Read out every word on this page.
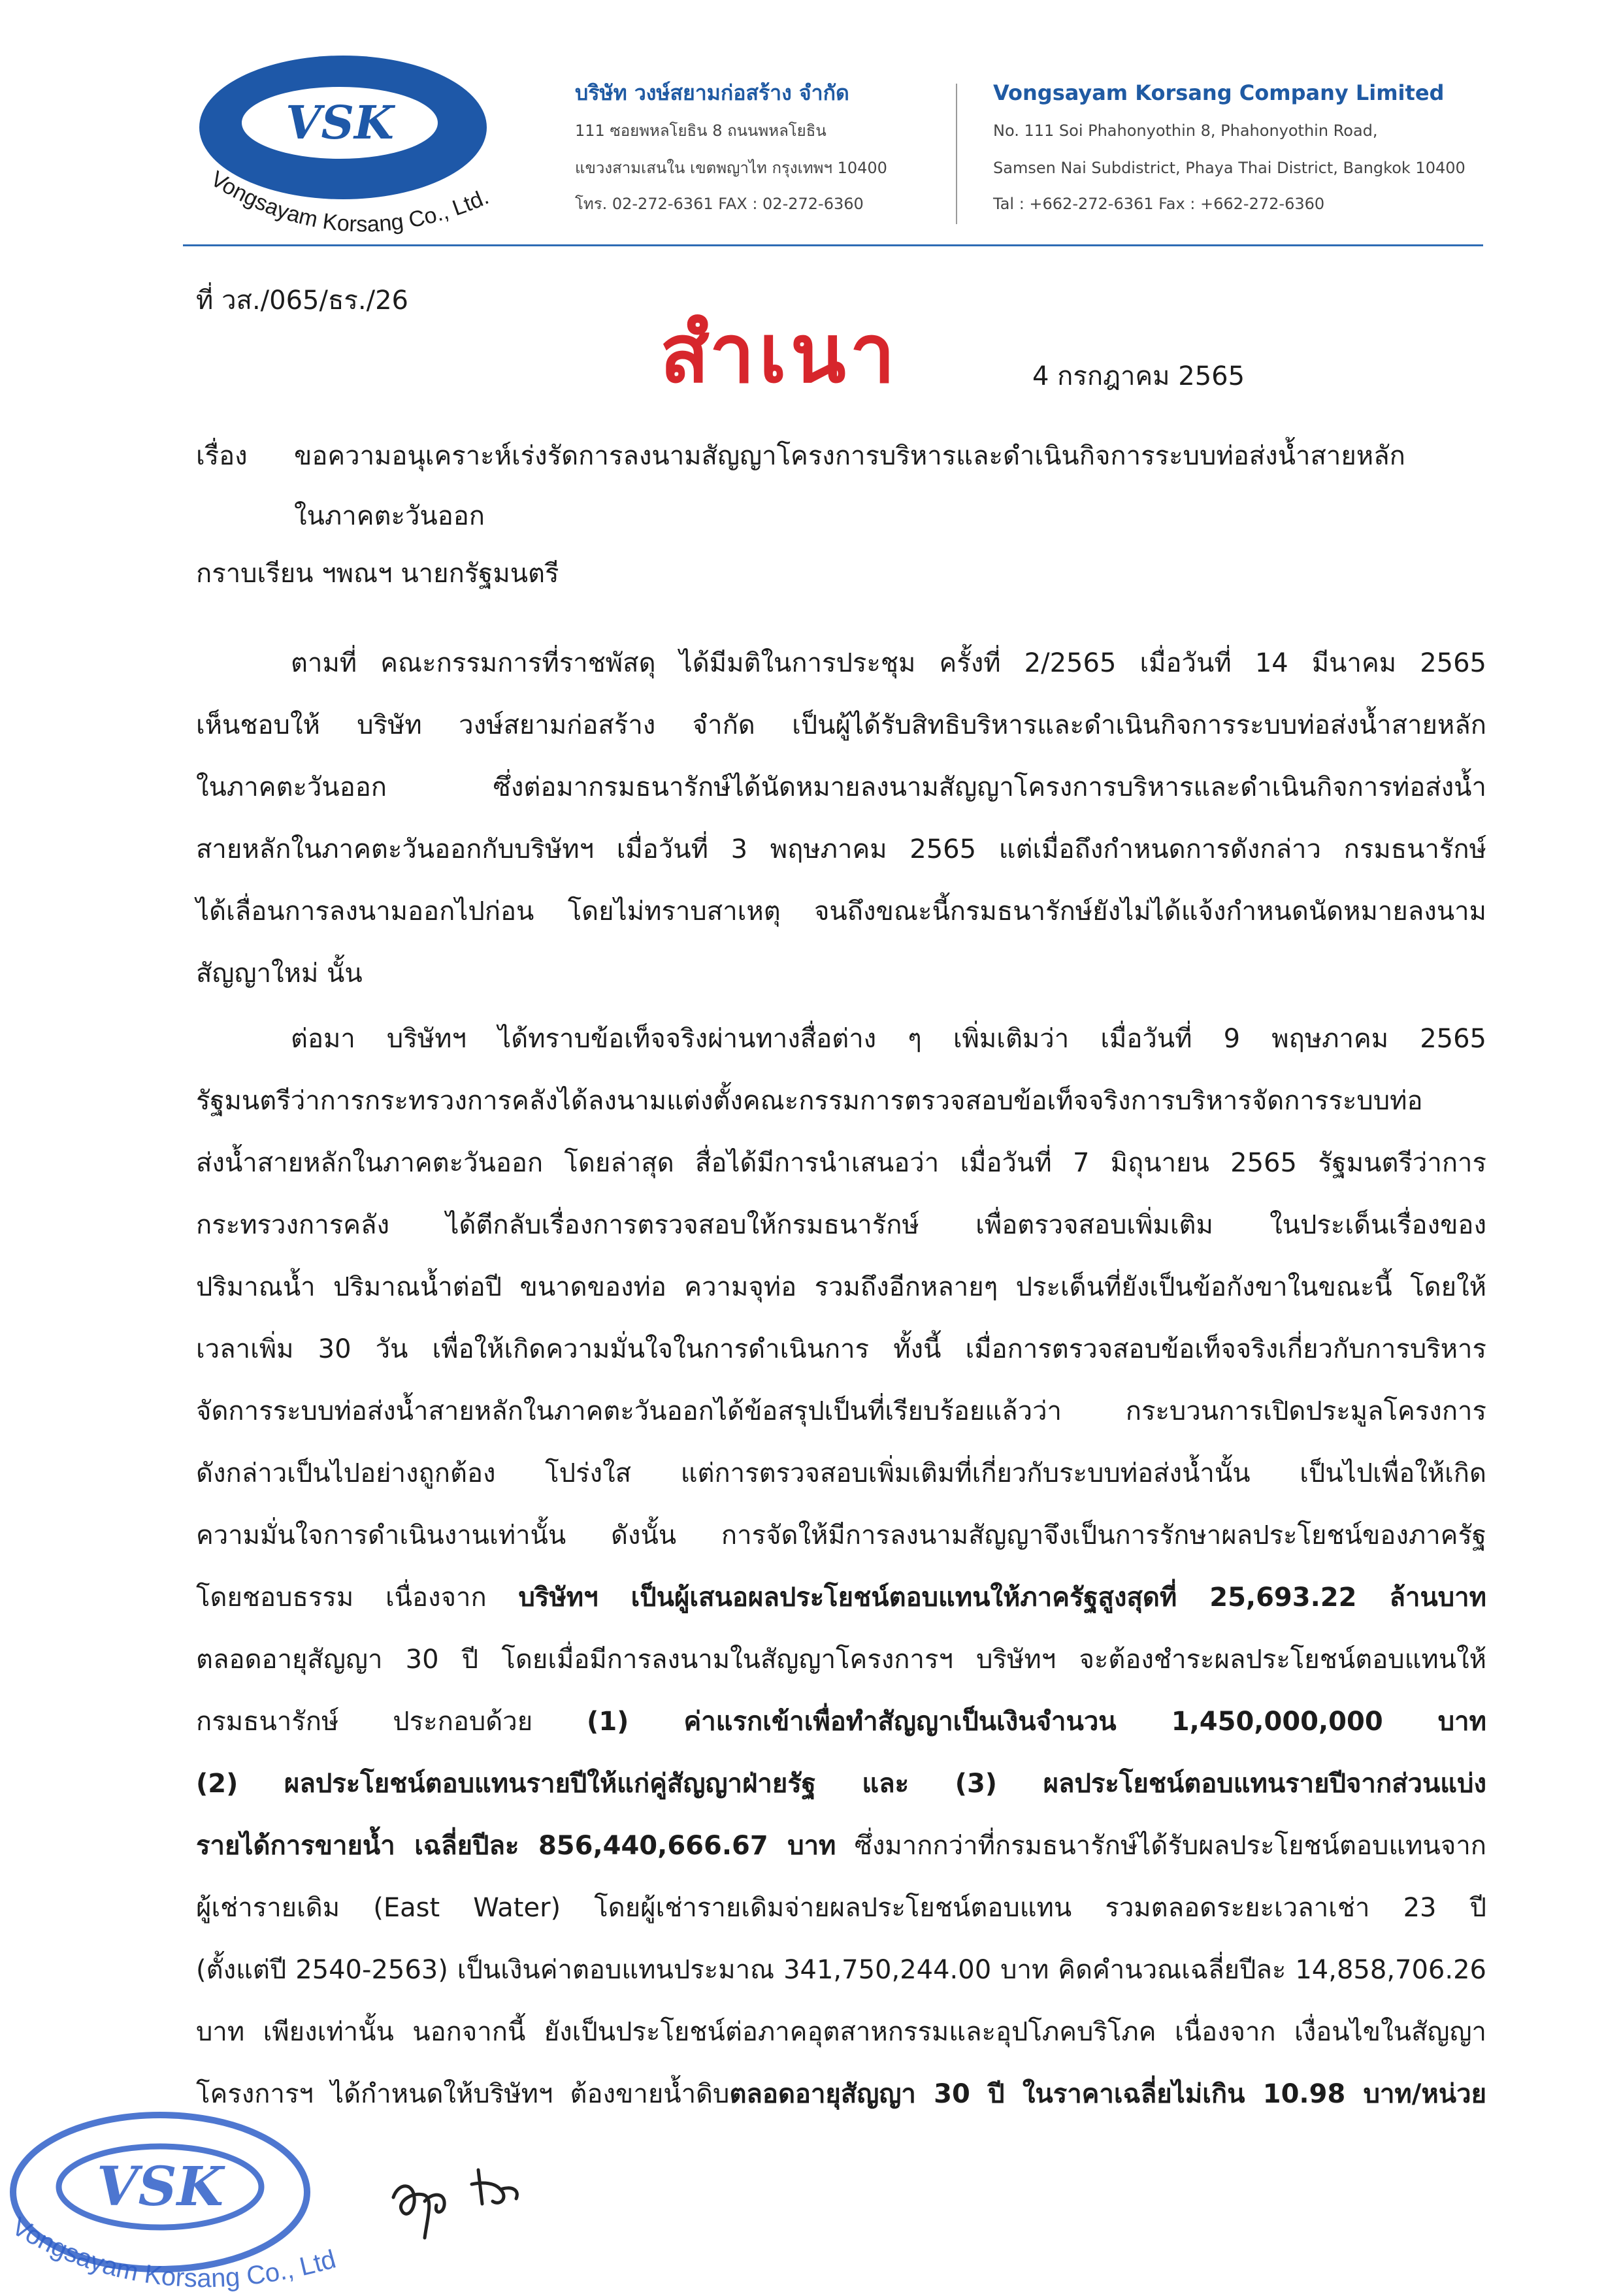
VSK
Vongsayam Korsang Co., Ltd.
บริษัท วงษ์สยามก่อสร้าง จำกัด
111 ซอยพหลโยธิน 8 ถนนพหลโยธิน
แขวงสามเสนใน เขตพญาไท กรุงเทพฯ 10400
โทร. 02-272-6361 FAX : 02-272-6360
Vongsayam Korsang Company Limited
No. 111 Soi Phahonyothin 8, Phahonyothin Road,
Samsen Nai Subdistrict, Phaya Thai District, Bangkok 10400
Tal : +662-272-6361 Fax : +662-272-6360
ที่ วส./065/ธร./26
สำเนา	4 กรกฎาคม 2565
เรื่อง	ขอความอนุเคราะห์เร่งรัดการลงนามสัญญาโครงการบริหารและดำเนินกิจการระบบท่อส่งน้ำสายหลัก
ในภาคตะวันออก
กราบเรียน ฯพณฯ นายกรัฐมนตรี
ตามที่ คณะกรรมการที่ราชพัสดุ ได้มีมติในการประชุม ครั้งที่ 2/2565 เมื่อวันที่ 14 มีนาคม 2565
เห็นชอบให้ บริษัท วงษ์สยามก่อสร้าง จำกัด เป็นผู้ได้รับสิทธิบริหารและดำเนินกิจการระบบท่อส่งน้ำสายหลัก
ในภาคตะวันออก ซึ่งต่อมากรมธนารักษ์ได้นัดหมายลงนามสัญญาโครงการบริหารและดำเนินกิจการท่อส่งน้ำ
สายหลักในภาคตะวันออกกับบริษัทฯ เมื่อวันที่ 3 พฤษภาคม 2565 แต่เมื่อถึงกำหนดการดังกล่าว กรมธนารักษ์
ได้เลื่อนการลงนามออกไปก่อน โดยไม่ทราบสาเหตุ จนถึงขณะนี้กรมธนารักษ์ยังไม่ได้แจ้งกำหนดนัดหมายลงนาม
สัญญาใหม่ นั้น
ต่อมา บริษัทฯ ได้ทราบข้อเท็จจริงผ่านทางสื่อต่าง ๆ เพิ่มเติมว่า เมื่อวันที่ 9 พฤษภาคม 2565
รัฐมนตรีว่าการกระทรวงการคลังได้ลงนามแต่งตั้งคณะกรรมการตรวจสอบข้อเท็จจริงการบริหารจัดการระบบท่อ
ส่งน้ำสายหลักในภาคตะวันออก โดยล่าสุด สื่อได้มีการนำเสนอว่า เมื่อวันที่ 7 มิถุนายน 2565 รัฐมนตรีว่าการ
กระทรวงการคลัง ได้ตีกลับเรื่องการตรวจสอบให้กรมธนารักษ์ เพื่อตรวจสอบเพิ่มเติม ในประเด็นเรื่องของ
ปริมาณน้ำ ปริมาณน้ำต่อปี ขนาดของท่อ ความจุท่อ รวมถึงอีกหลายๆ ประเด็นที่ยังเป็นข้อกังขาในขณะนี้ โดยให้
เวลาเพิ่ม 30 วัน เพื่อให้เกิดความมั่นใจในการดำเนินการ ทั้งนี้ เมื่อการตรวจสอบข้อเท็จจริงเกี่ยวกับการบริหาร
จัดการระบบท่อส่งน้ำสายหลักในภาคตะวันออกได้ข้อสรุปเป็นที่เรียบร้อยแล้วว่า กระบวนการเปิดประมูลโครงการ
ดังกล่าวเป็นไปอย่างถูกต้อง โปร่งใส แต่การตรวจสอบเพิ่มเติมที่เกี่ยวกับระบบท่อส่งน้ำนั้น เป็นไปเพื่อให้เกิด
ความมั่นใจการดำเนินงานเท่านั้น ดังนั้น การจัดให้มีการลงนามสัญญาจึงเป็นการรักษาผลประโยชน์ของภาครัฐ
โดยชอบธรรม เนื่องจาก บริษัทฯ เป็นผู้เสนอผลประโยชน์ตอบแทนให้ภาครัฐสูงสุดที่ 25,693.22 ล้านบาท
ตลอดอายุสัญญา 30 ปี โดยเมื่อมีการลงนามในสัญญาโครงการฯ บริษัทฯ จะต้องชำระผลประโยชน์ตอบแทนให้
กรมธนารักษ์ ประกอบด้วย (1) ค่าแรกเข้าเพื่อทำสัญญาเป็นเงินจำนวน 1,450,000,000 บาท
(2) ผลประโยชน์ตอบแทนรายปีให้แก่คู่สัญญาฝ่ายรัฐ และ (3) ผลประโยชน์ตอบแทนรายปีจากส่วนแบ่ง
รายได้การขายน้ำ เฉลี่ยปีละ 856,440,666.67 บาท ซึ่งมากกว่าที่กรมธนารักษ์ได้รับผลประโยชน์ตอบแทนจาก
ผู้เช่ารายเดิม (East Water) โดยผู้เช่ารายเดิมจ่ายผลประโยชน์ตอบแทน รวมตลอดระยะเวลาเช่า 23 ปี
(ตั้งแต่ปี 2540-2563) เป็นเงินค่าตอบแทนประมาณ 341,750,244.00 บาท คิดคำนวณเฉลี่ยปีละ 14,858,706.26
บาท เพียงเท่านั้น นอกจากนี้ ยังเป็นประโยชน์ต่อภาคอุตสาหกรรมและอุปโภคบริโภค เนื่องจาก เงื่อนไขในสัญญา
โครงการฯ ได้กำหนดให้บริษัทฯ ต้องขายน้ำดิบตลอดอายุสัญญา 30 ปี ในราคาเฉลี่ยไม่เกิน 10.98 บาท/หน่วย
VSK
Vongsayam Korsang Co., Ltd
